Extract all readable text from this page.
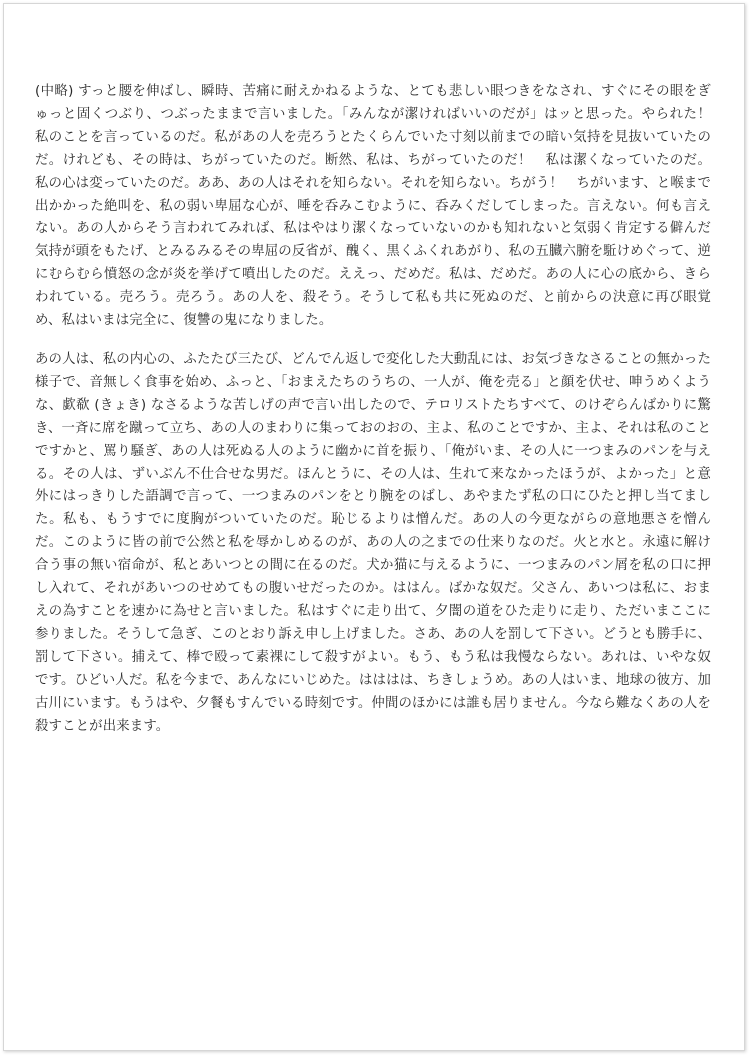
(中略) すっと腰を伸ばし、瞬時、苦痛に耐えかねるような、とても悲しい眼つきをなされ、すぐにその眼をぎゅっと固くつぶり、つぶったままで言いました。「みんなが潔ければいいのだが」はッと思った。やられた！　私のことを言っているのだ。私があの人を売ろうとたくらんでいた寸刻以前までの暗い気持を見抜いていたのだ。けれども、その時は、ちがっていたのだ。断然、私は、ちがっていたのだ！　私は潔くなっていたのだ。私の心は変っていたのだ。ああ、あの人はそれを知らない。それを知らない。ちがう！　ちがいます、と喉まで出かかった絶叫を、私の弱い卑屈な心が、唾を呑みこむように、呑みくだしてしまった。言えない。何も言えない。あの人からそう言われてみれば、私はやはり潔くなっていないのかも知れないと気弱く肯定する僻んだ気持が頭をもたげ、とみるみるその卑屈の反省が、醜く、黒くふくれあがり、私の五臓六腑を駈けめぐって、逆にむらむら憤怒の念が炎を挙げて噴出したのだ。ええっ、だめだ。私は、だめだ。あの人に心の底から、きらわれている。売ろう。売ろう。あの人を、殺そう。そうして私も共に死ぬのだ、と前からの決意に再び眼覚め、私はいまは完全に、復讐の鬼になりました。

あの人は、私の内心の、ふたたび三たび、どんでん返しで変化した大動乱には、お気づきなさることの無かった様子で、音無しく食事を始め、ふっと、「おまえたちのうちの、一人が、俺を売る」と顔を伏せ、呻うめくような、歔欷 (きょき) なさるような苦しげの声で言い出したので、テロリストたちすべて、のけぞらんばかりに驚き、一斉に席を蹴って立ち、あの人のまわりに集っておのおの、主よ、私のことですか、主よ、それは私のことですかと、罵り騒ぎ、あの人は死ぬる人のように幽かに首を振り、「俺がいま、その人に一つまみのパンを与える。その人は、ずいぶん不仕合せな男だ。ほんとうに、その人は、生れて来なかったほうが、よかった」と意外にはっきりした語調で言って、一つまみのパンをとり腕をのばし、あやまたず私の口にひたと押し当てました。私も、もうすでに度胸がついていたのだ。恥じるよりは憎んだ。あの人の今更ながらの意地悪さを憎んだ。このように皆の前で公然と私を辱かしめるのが、あの人の之までの仕来りなのだ。火と水と。永遠に解け合う事の無い宿命が、私とあいつとの間に在るのだ。犬か猫に与えるように、一つまみのパン屑を私の口に押し入れて、それがあいつのせめてもの腹いせだったのか。ははん。ばかな奴だ。父さん、あいつは私に、おまえの為すことを速かに為せと言いました。私はすぐに走り出て、夕闇の道をひた走りに走り、ただいまここに参りました。そうして急ぎ、このとおり訴え申し上げました。さあ、あの人を罰して下さい。どうとも勝手に、罰して下さい。捕えて、棒で殴って素裸にして殺すがよい。もう、もう私は我慢ならない。あれは、いやな奴です。ひどい人だ。私を今まで、あんなにいじめた。はははは、ちきしょうめ。あの人はいま、地球の彼方、加古川にいます。もうはや、夕餐もすんでいる時刻です。仲間のほかには誰も居りません。今なら難なくあの人を殺すことが出来ます。
